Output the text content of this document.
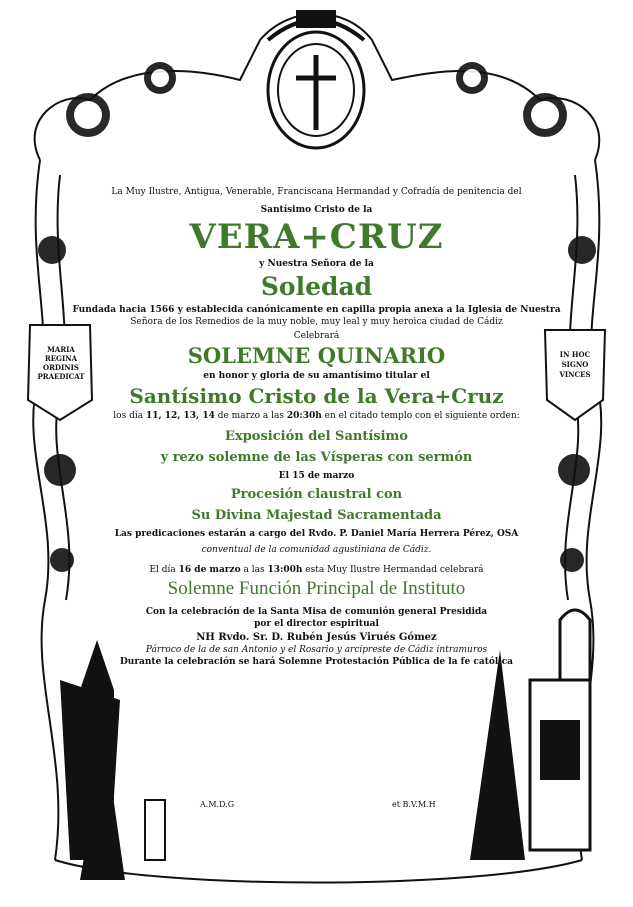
MARIA
REGINA
ORDINIS
PRAEDICAT
IN HOC
SIGNO
VINCES

La Muy Ilustre, Antigua, Venerable, Franciscana Hermandad y Cofradía de penitencia del

Santísimo Cristo de la

VERA+CRUZ

y Nuestra Señora de la

Soledad

Fundada hacia 1566 y establecida canónicamente en capilla propia anexa a la Iglesia de Nuestra

Señora de los Remedios de la muy noble, muy leal y muy heroica ciudad de Cádiz

Celebrará

SOLEMNE QUINARIO

en honor y gloria de su amantísimo titular el

Santísimo Cristo de la Vera+Cruz

los día 11, 12, 13, 14 de marzo a las 20:30h en el citado templo con el siguiente orden:

Exposición del Santísimo

y rezo solemne de las Vísperas con sermón

El 15 de marzo

Procesión claustral con

Su Divina Majestad Sacramentada

Las predicaciones estarán a cargo del Rvdo. P. Daniel María Herrera Pérez, OSA

conventual de la comunidad agustiniana de Cádiz.

El día 16 de marzo a las 13:00h esta Muy Ilustre Hermandad celebrará

Solemne Función Principal de Instituto

Con la celebración de la Santa Misa de comunión general Presidida

por el director espiritual

NH Rvdo. Sr. D. Rubén Jesús Virués Gómez

Párroco de la de san Antonio y el Rosario y arcipreste de Cádiz intramuros

Durante la celebración se hará Solemne Protestación Pública de la fe católica

A.M.D.G	et B.V.M.H
